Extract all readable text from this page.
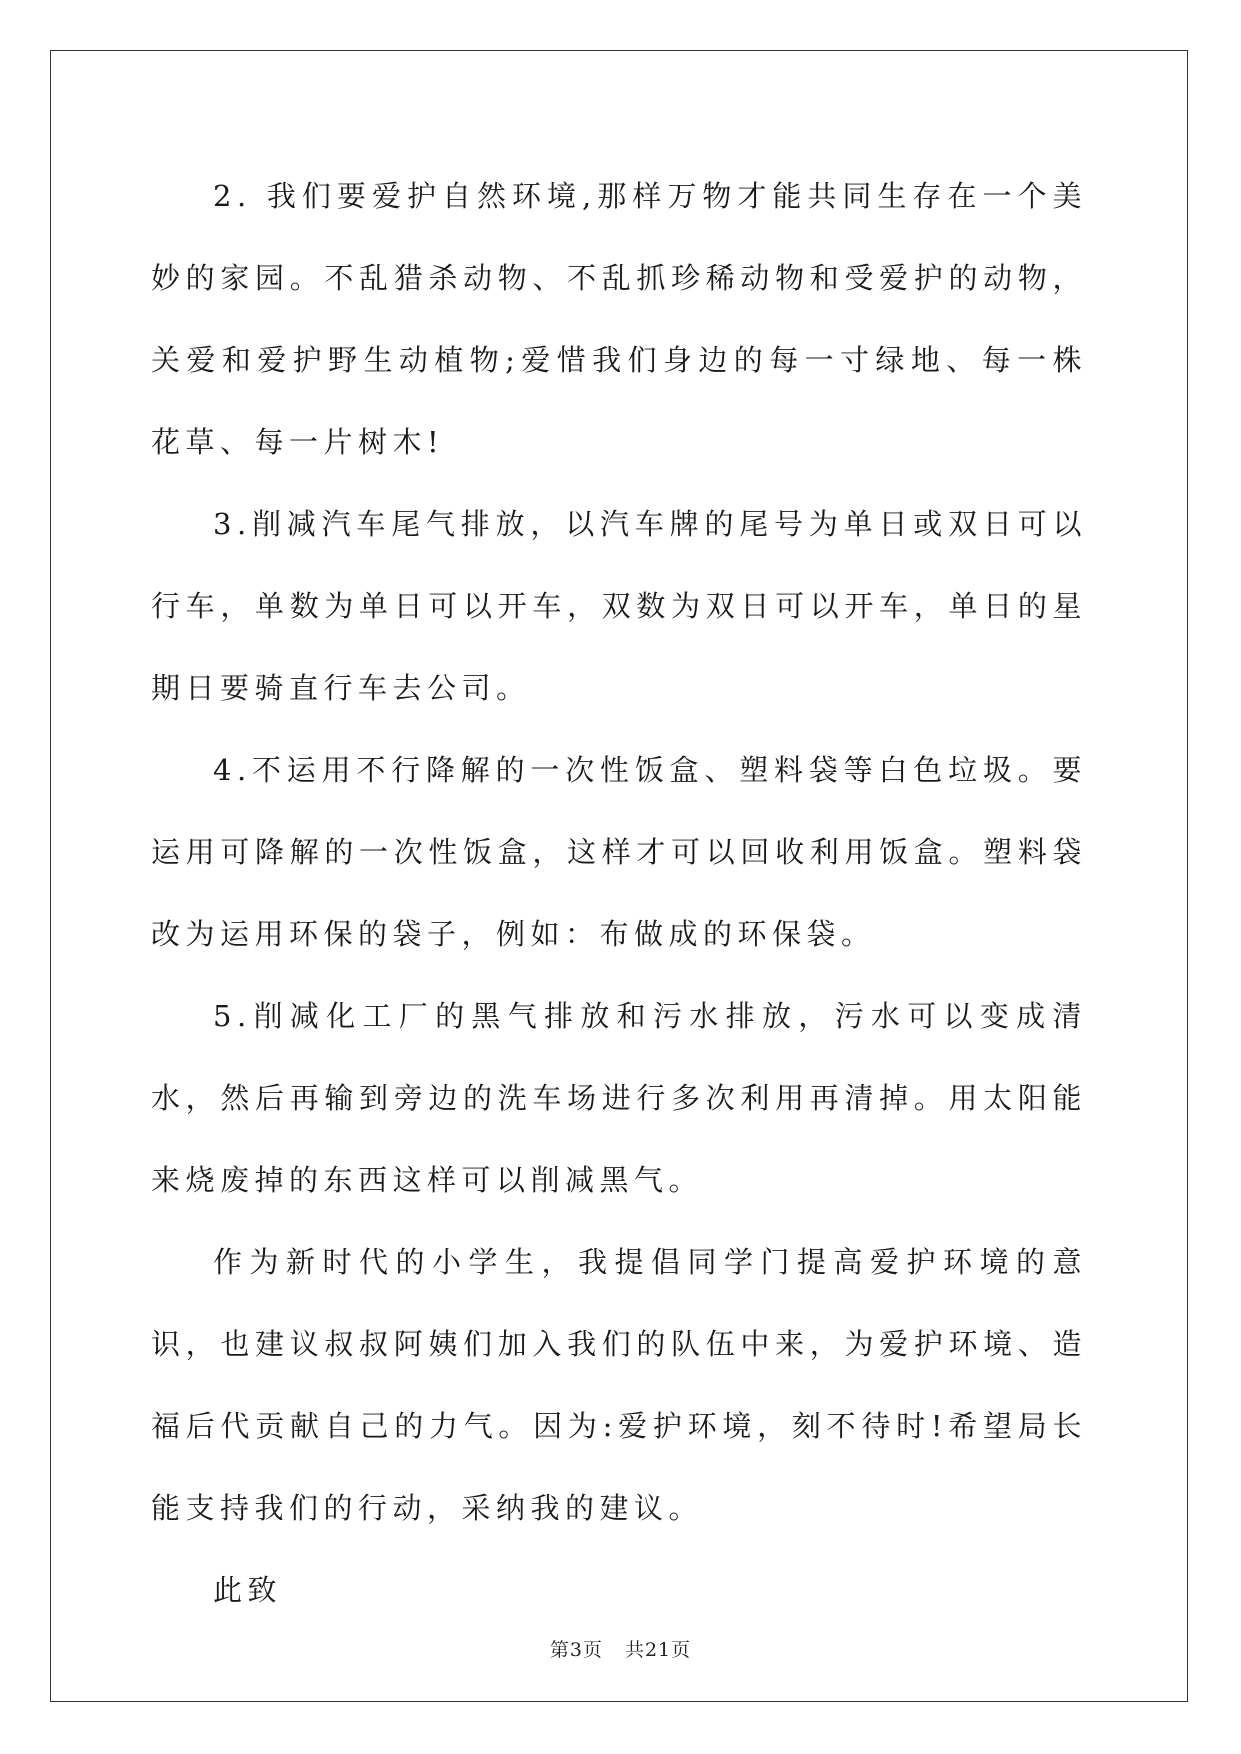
2. 我们要爱护自然环境,那样万物才能共同生存在一个美妙的家园。不乱猎杀动物、不乱抓珍稀动物和受爱护的动物，关爱和爱护野生动植物;爱惜我们身边的每一寸绿地、每一株花草、每一片树木!

3.削减汽车尾气排放，以汽车牌的尾号为单日或双日可以行车，单数为单日可以开车，双数为双日可以开车，单日的星期日要骑直行车去公司。

4.不运用不行降解的一次性饭盒、塑料袋等白色垃圾。要运用可降解的一次性饭盒，这样才可以回收利用饭盒。塑料袋改为运用环保的袋子，例如：布做成的环保袋。

5.削减化工厂的黑气排放和污水排放，污水可以变成清水，然后再输到旁边的洗车场进行多次利用再清掉。用太阳能来烧废掉的东西这样可以削减黑气。

作为新时代的小学生，我提倡同学门提高爱护环境的意识，也建议叔叔阿姨们加入我们的队伍中来，为爱护环境、造福后代贡献自己的力气。因为:爱护环境，刻不待时!希望局长能支持我们的行动，采纳我的建议。

此致

第3页 共21页
